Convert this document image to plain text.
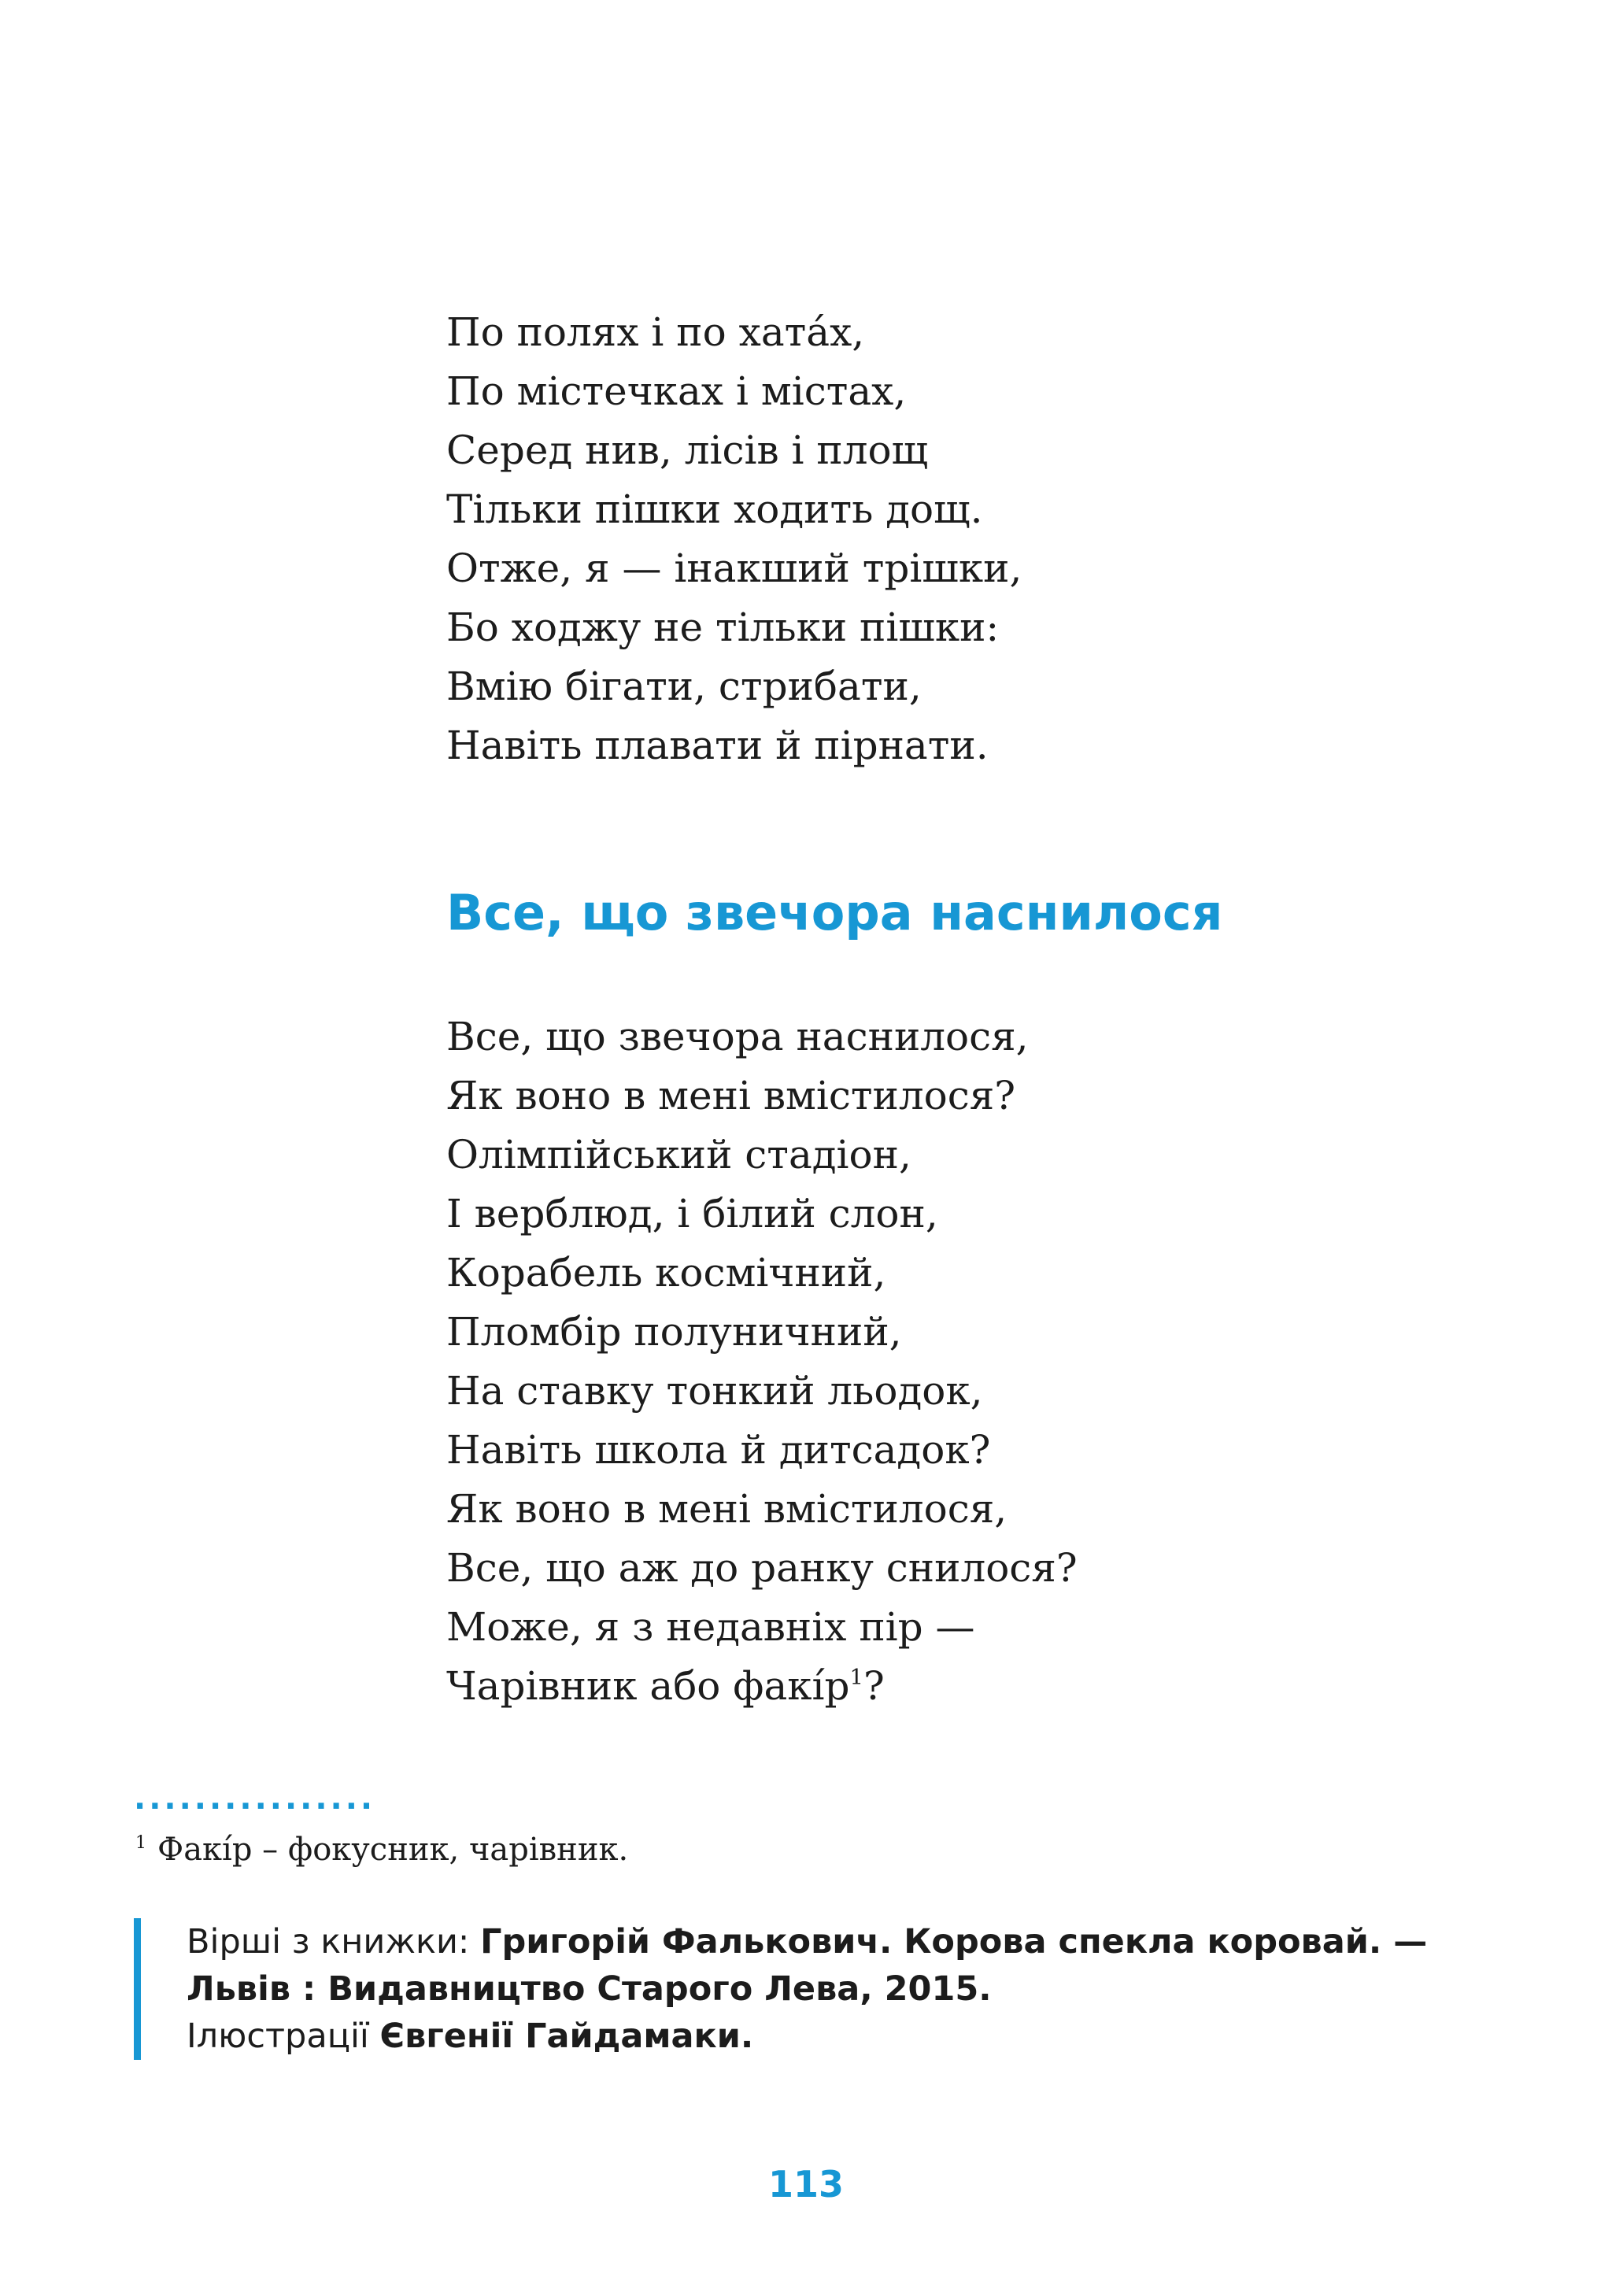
По полях і по хатáх,
По містечках і містах,
Серед нив, лісів і площ
Тільки пішки ходить дощ.
Отже, я — інакший трішки,
Бо ходжу не тільки пішки:
Вмію бігати, стрибати,
Навіть плавати й пірнати.
Все, що звечора наснилося
Все, що звечора наснилося,
Як воно в мені вмістилося?
Олімпійський стадіон,
І верблюд, і білий слон,
Корабель космічний,
Пломбір полуничний,
На ставку тонкий льодок,
Навіть школа й дитсадок?
Як воно в мені вмістилося,
Все, що аж до ранку снилося?
Може, я з недавніх пір —
Чарівник або $факі́р^1$?
................
$^1$ Факі́р – фокусник, чарівник.
Вірші з книжки: Григорій Фалькович. Корова спекла коровай. —
Львів : Видавництво Старого Лева, 2015.
Ілюстрації Євгенії Гайдамаки.
113
